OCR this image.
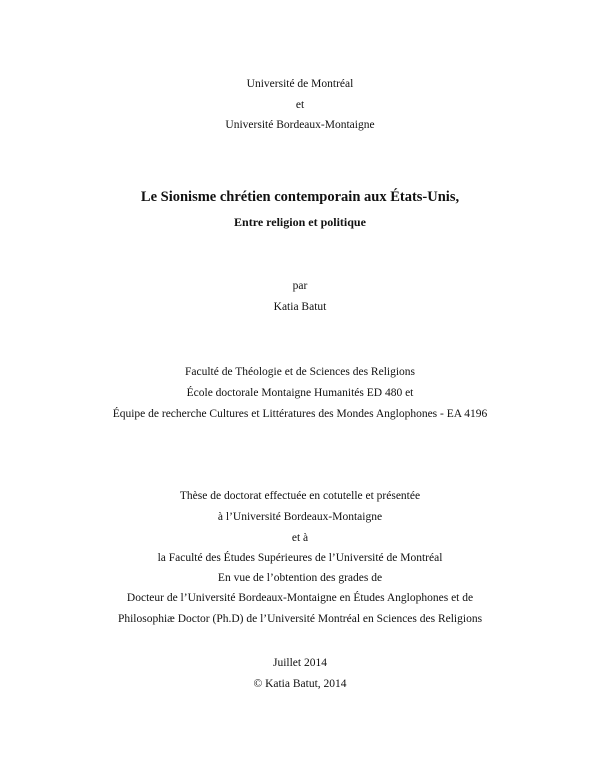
Université de Montréal
et
Université Bordeaux-Montaigne
Le Sionisme chrétien contemporain aux États-Unis,
Entre religion et politique
par
Katia Batut
Faculté de Théologie et de Sciences des Religions
École doctorale Montaigne Humanités ED 480 et
Équipe de recherche Cultures et Littératures des Mondes Anglophones - EA 4196
Thèse de doctorat effectuée en cotutelle et présentée
à l’Université Bordeaux-Montaigne
et à
la Faculté des Études Supérieures de l’Université de Montréal
En vue de l’obtention des grades de
Docteur de l’Université Bordeaux-Montaigne en Études Anglophones et de
Philosophiæ Doctor (Ph.D) de l’Université Montréal en Sciences des Religions
Juillet 2014
© Katia Batut, 2014
